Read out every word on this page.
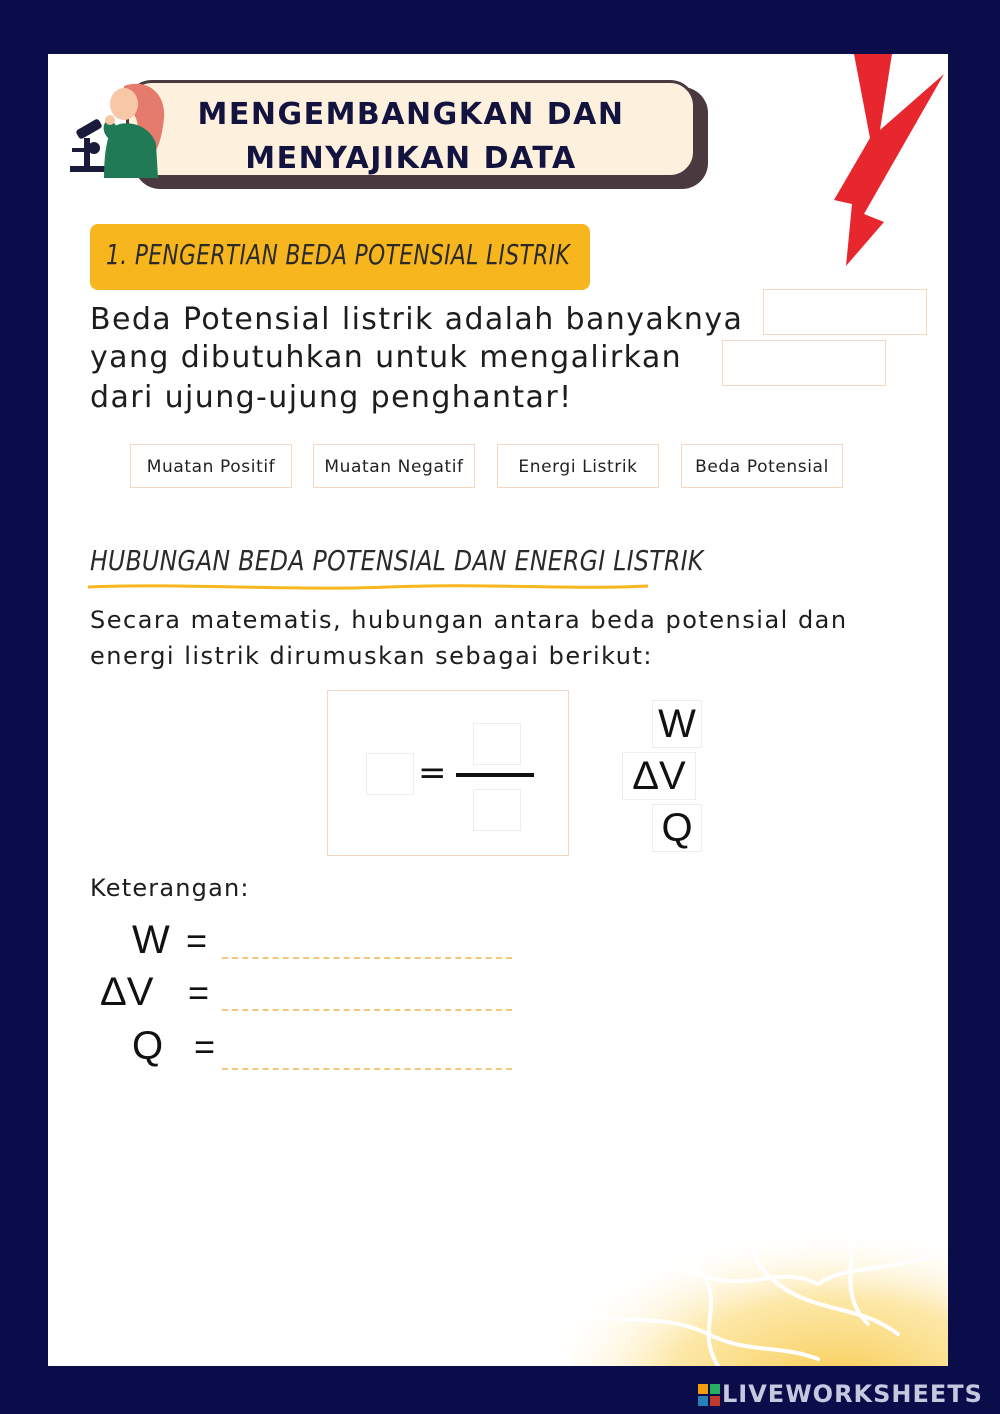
MENGEMBANGKAN DAN
MENYAJIKAN DATA
1. PENGERTIAN BEDA POTENSIAL LISTRIK
Beda Potensial listrik adalah banyaknya
yang dibutuhkan untuk mengalirkan
dari ujung-ujung penghantar!
Muatan Positif	Muatan Negatif	Energi Listrik	Beda Potensial
HUBUNGAN BEDA POTENSIAL DAN ENERGI LISTRIK
Secara matematis, hubungan antara beda potensial dan
energi listrik dirumuskan sebagai berikut:
=
W
ΔV
Q
Keterangan:
W =
ΔV =
Q =
LIVEWORKSHEETS
